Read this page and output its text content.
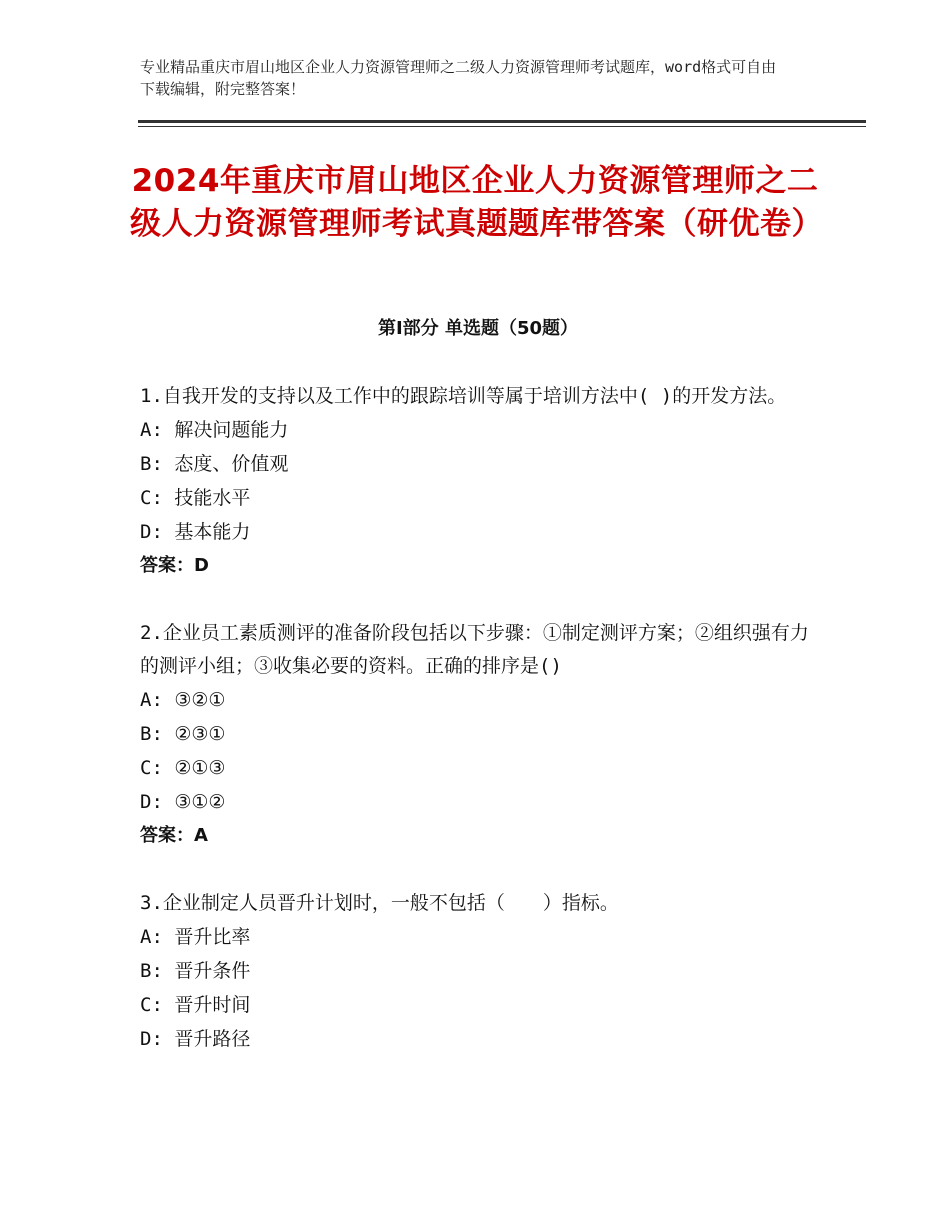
专业精品重庆市眉山地区企业人力资源管理师之二级人力资源管理师考试题库，word格式可自由下载编辑，附完整答案！
2024年重庆市眉山地区企业人力资源管理师之二级人力资源管理师考试真题题库带答案（研优卷）
第Ⅰ部分 单选题（50题）

1.自我开发的支持以及工作中的跟踪培训等属于培训方法中( )的开发方法。

A: 解决问题能力

B: 态度、价值观

C: 技能水平

D: 基本能力

答案：D

2.企业员工素质测评的准备阶段包括以下步骤：①制定测评方案；②组织强有力的测评小组；③收集必要的资料。正确的排序是()

A: ③②①

B: ②③①

C: ②①③

D: ③①②

答案：A

3.企业制定人员晋升计划时，一般不包括（　　）指标。

A: 晋升比率

B: 晋升条件

C: 晋升时间

D: 晋升路径
